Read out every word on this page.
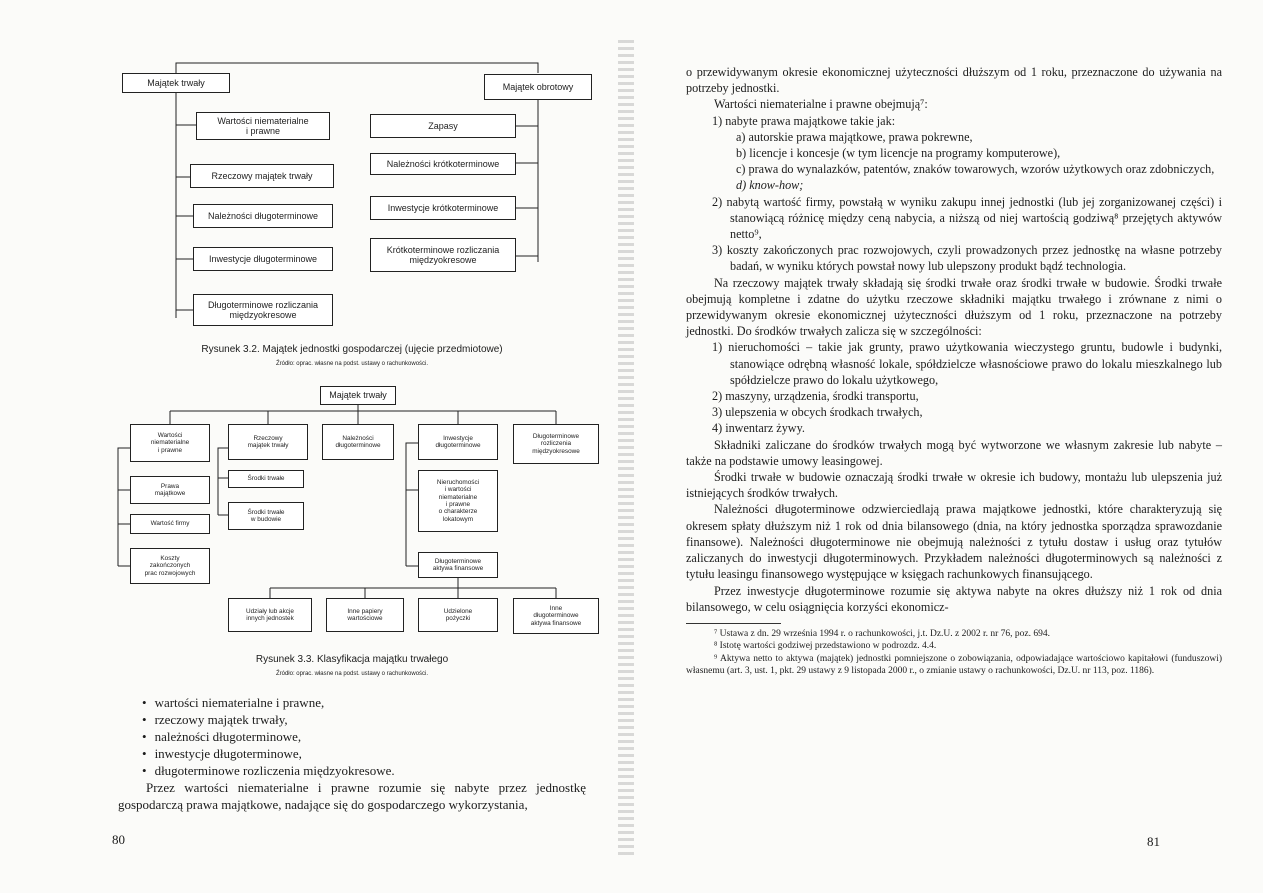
Majątek trwały	Majątek obrotowy
Wartości niematerialne
i prawne
Rzeczowy majątek trwały
Należności długoterminowe
Inwestycje długoterminowe
Długoterminowe rozliczania
międzyokresowe
Zapasy
Należności krótkoterminowe
Inwestycje krótkoterminowe
Krótkoterminowe rozliczania
międzyokresowe
Rysunek 3.2. Majątek jednostki gospodarczej (ujęcie przedmiotowe)
Źródło: oprac. własne na podst. ustawy o rachunkowości.
Majątek trwały
Wartości
niematerialne
i prawne
Rzeczowy
majątek trwały
Należności
długoterminowe
Inwestycje
długoterminowe
Długoterminowe
rozliczenia
międzyokresowe
Prawa
majątkowe
Wartość firmy
Koszty
zakończonych
prac rozwojowych
Środki trwałe
Środki trwałe
w budowie
Nieruchomości
i wartości
niematerialne
i prawne
o charakterze
lokatowym
Długoterminowe
aktywa finansowe
Udziały lub akcje
innych jednostek
Inne papiery
wartościowe
Udzielone
pożyczki
Inne
długoterminowe
aktywa finansowe
Rysunek 3.3. Klasyfikacja majątku trwałego
Źródło: oprac. własne na podst. ustawy o rachunkowości.
• wartości niematerialne i prawne,
• rzeczowy majątek trwały,
• należności długoterminowe,
• inwestycje długoterminowe,
• długoterminowe rozliczenia międzyokresowe.

Przez wartości niematerialne i prawne rozumie się nabyte przez jednostkę gospodarczą prawa majątkowe, nadające się do gospodarczego wykorzystania,

80

o przewidywanym okresie ekonomicznej użyteczności dłuższym od 1 roku, przeznaczone do używania na potrzeby jednostki.

Wartości niematerialne i prawne obejmują⁷:

1) nabyte prawa majątkowe takie jak:

a) autorskie prawa majątkowe, prawa pokrewne,

b) licencje i koncesje (w tym licencje na programy komputerowe),

c) prawa do wynalazków, patentów, znaków towarowych, wzorów użytkowych oraz zdobniczych,

d) know-how;

2) nabytą wartość firmy, powstałą w wyniku zakupu innej jednostki (lub jej zorganizowanej części) i stanowiącą różnicę między ceną nabycia, a niższą od niej wartością godziwą⁸ przejętych aktywów netto⁹,

3) koszty zakończonych prac rozwojowych, czyli prowadzonych przez jednostkę na własne potrzeby badań, w wyniku których powstał nowy lub ulepszony produkt bądź technologia.

Na rzeczowy majątek trwały składają się środki trwałe oraz środki trwałe w budowie. Środki trwałe obejmują kompletne i zdatne do użytku rzeczowe składniki majątku trwałego i zrównane z nimi o przewidywanym okresie ekonomicznej użyteczności dłuższym od 1 roku, przeznaczone na potrzeby jednostki. Do środków trwałych zalicza się w szczególności:

1) nieruchomości – takie jak grunty, prawo użytkowania wieczystego gruntu, budowle i budynki, stanowiące odrębną własność lokale, spółdzielcze własnościowe prawo do lokalu mieszkalnego lub spółdzielcze prawo do lokalu użytkowego,

2) maszyny, urządzenia, środki transportu,

3) ulepszenia w obcych środkach trwałych,

4) inwentarz żywy.

Składniki zaliczane do środków trwałych mogą być wytworzone we własnym zakresie lub nabyte – także na podstawie umowy leasingowej.

Środki trwałe w budowie oznaczają środki trwałe w okresie ich budowy, montażu lub ulepszenia już istniejących środków trwałych.

Należności długoterminowe odzwierciedlają prawa majątkowe jednostki, które charakteryzują się okresem spłaty dłuższym niż 1 rok od dnia bilansowego (dnia, na który jednostka sporządza sprawozdanie finansowe). Należności długoterminowe nie obejmują należności z tytułu dostaw i usług oraz tytułów zaliczanych do inwestycji długoterminowych. Przykładem należności długoterminowych są należności z tytułu leasingu finansowego występujące w księgach rachunkowych finansującego.

Przez inwestycje długoterminowe rozumie się aktywa nabyte na okres dłuższy niż 1 rok od dnia bilansowego, w celu osiągnięcia korzyści ekonomicz-

⁷ Ustawa z dn. 29 września 1994 r. o rachunkowości, j.t. Dz.U. z 2002 r. nr 76, poz. 694.

⁸ Istotę wartości godziwej przedstawiono w podrozdz. 4.4.

⁹ Aktywa netto to aktywa (majątek) jednostki pomniejszone o zobowiązania, odpowiadające wartościowo kapitałowi (funduszowi) własnemu (art. 3, ust. 1, pkt. 29 ustawy z 9 listopada 2000 r., o zmianie ustawy o rachunkowości, Dz.U. nr 113, poz. 1186).

81
